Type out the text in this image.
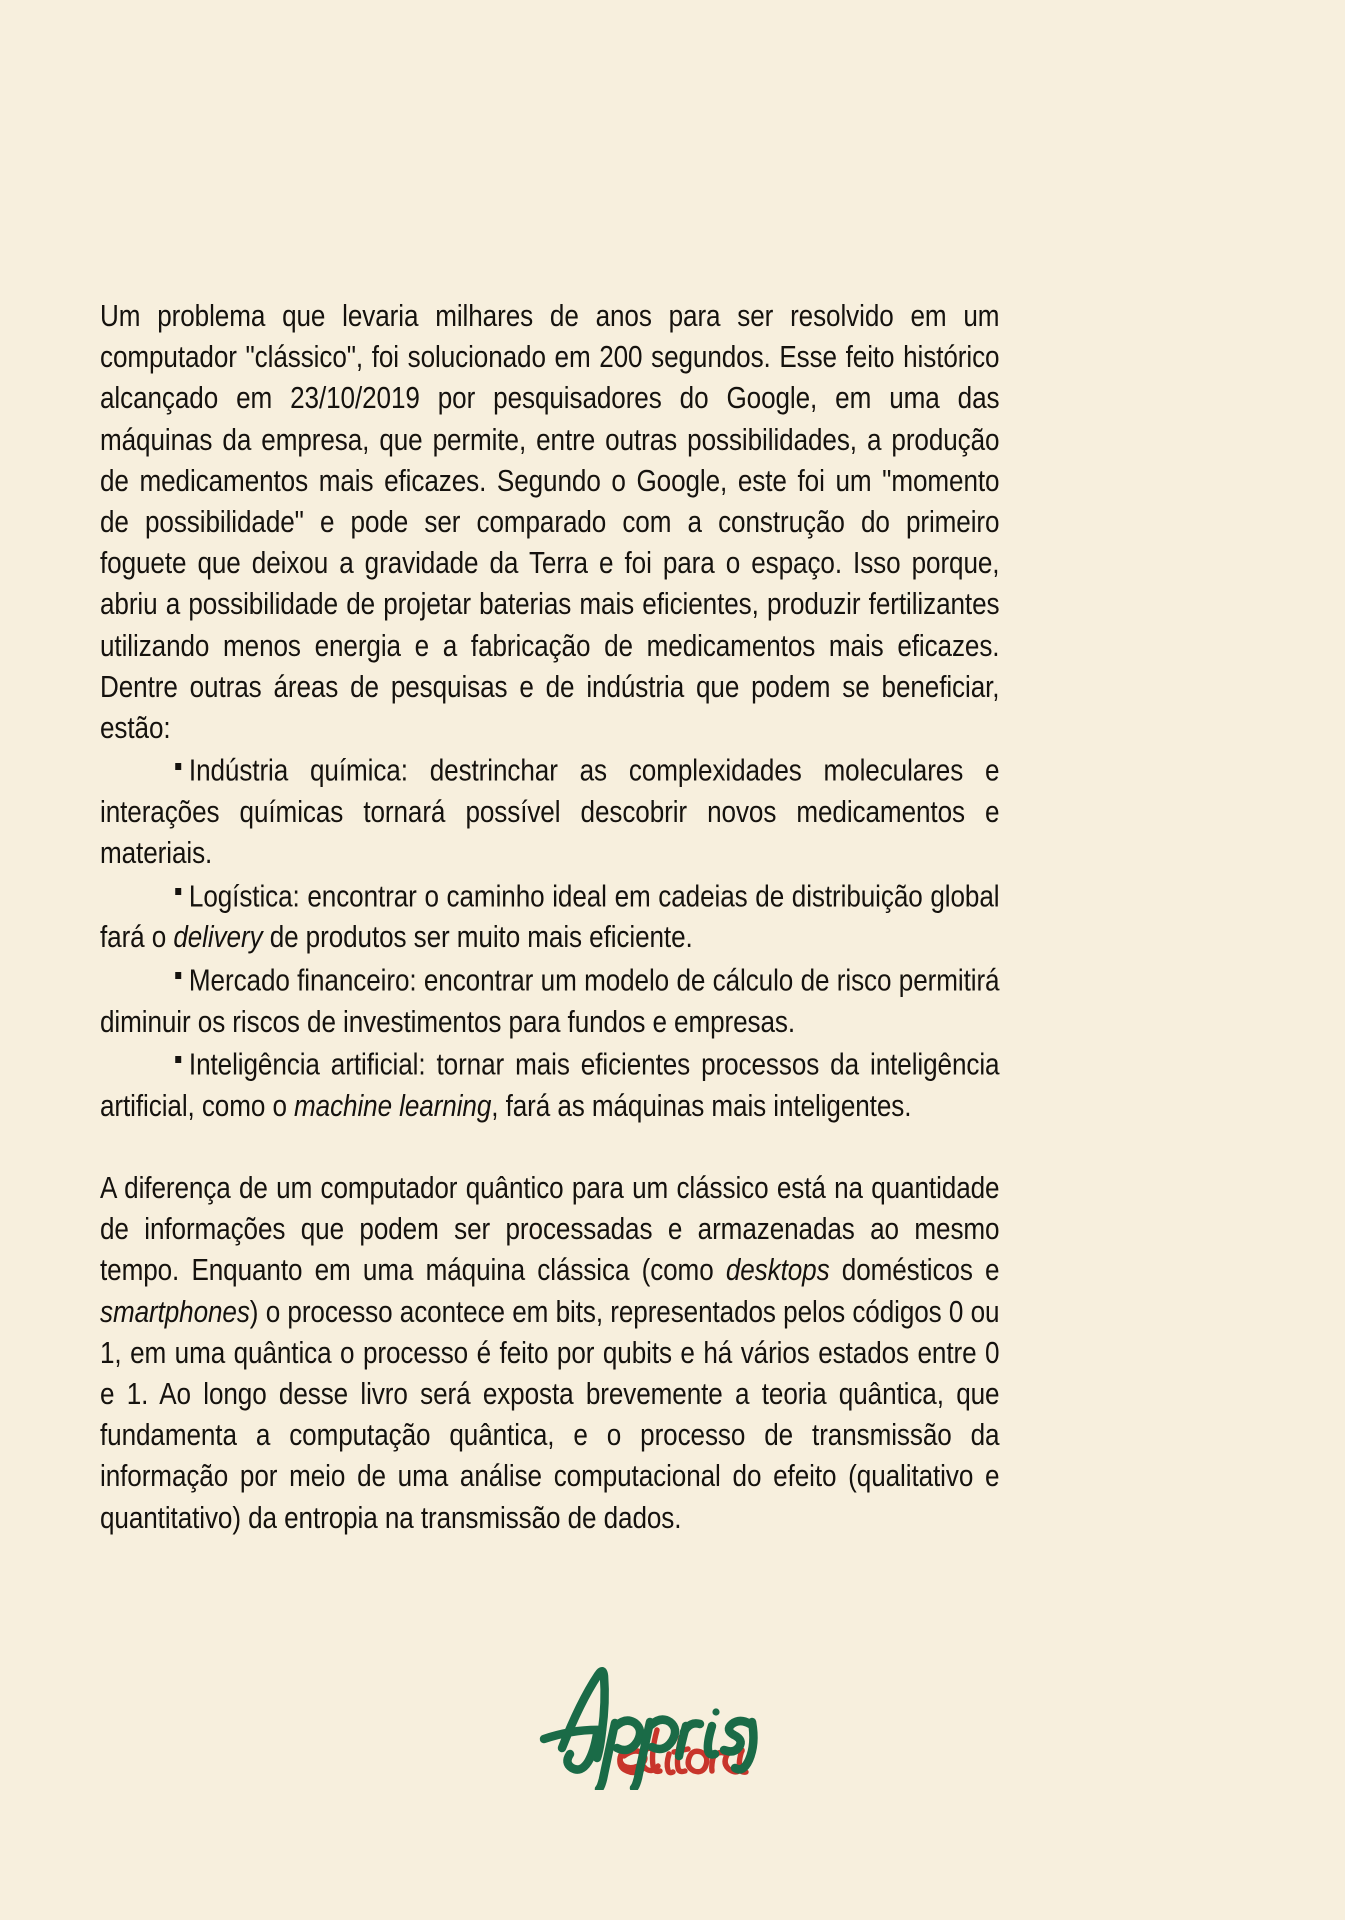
Um problema que levaria milhares de anos para ser resolvido em um computador "clássico", foi solucionado em 200 segundos. Esse feito histórico alcançado em 23/10/2019 por pesquisadores do Google, em uma das máquinas da empresa, que permite, entre outras possibilidades, a produção de medicamentos mais eficazes. Segundo o Google, este foi um "momento de possibilidade" e pode ser comparado com a construção do primeiro foguete que deixou a gravidade da Terra e foi para o espaço. Isso porque, abriu a possibilidade de projetar baterias mais eficientes, produzir fertilizantes utilizando menos energia e a fabricação de medicamentos mais eficazes. Dentre outras áreas de pesquisas e de indústria que podem se beneficiar, estão:

Indústria química: destrinchar as complexidades moleculares e interações químicas tornará possível descobrir novos medicamentos e materiais.

Logística: encontrar o caminho ideal em cadeias de distribuição global fará o delivery de produtos ser muito mais eficiente.

Mercado financeiro: encontrar um modelo de cálculo de risco permitirá diminuir os riscos de investimentos para fundos e empresas.

Inteligência artificial: tornar mais eficientes processos da inteligência artificial, como o machine learning, fará as máquinas mais inteligentes.

A diferença de um computador quântico para um clássico está na quantidade de informações que podem ser processadas e armazenadas ao mesmo tempo. Enquanto em uma máquina clássica (como desktops domésticos e smartphones) o processo acontece em bits, representados pelos códigos 0 ou 1, em uma quântica o processo é feito por qubits e há vários estados entre 0 e 1. Ao longo desse livro será exposta brevemente a teoria quântica, que fundamenta a computação quântica, e o processo de transmissão da informação por meio de uma análise computacional do efeito (qualitativo e quantitativo) da entropia na transmissão de dados.
